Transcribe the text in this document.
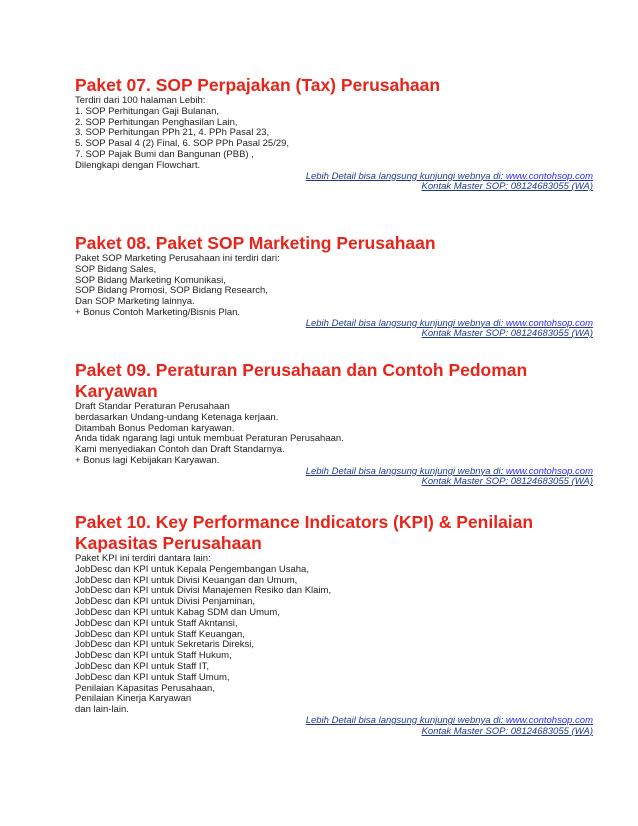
Paket 07. SOP Perpajakan (Tax) Perusahaan
Terdiri dari 100 halaman Lebih:
1. SOP Perhitungan Gaji Bulanan,
2. SOP Perhitungan Penghasilan Lain,
3. SOP Perhitungan PPh 21, 4. PPh Pasal 23,
5. SOP Pasal 4 (2) Final, 6. SOP PPh Pasal 25/29,
7. SOP Pajak Bumi dan Bangunan (PBB) ,
Dilengkapi dengan Flowchart.
Lebih Detail bisa langsung kunjungi webnya di: www.contohsop.com
Kontak Master SOP: 08124683055 (WA)
Paket 08. Paket SOP Marketing Perusahaan
Paket SOP Marketing Perusahaan ini terdiri dari:
SOP Bidang Sales,
SOP Bidang Marketing Komunikasi,
SOP Bidang Promosi, SOP Bidang Research,
Dan SOP Marketing lainnya.
+ Bonus Contoh Marketing/Bisnis Plan.
Lebih Detail bisa langsung kunjungi webnya di: www.contohsop.com
Kontak Master SOP: 08124683055 (WA)
Paket 09. Peraturan Perusahaan dan Contoh Pedoman
Karyawan
Draft Standar Peraturan Perusahaan
berdasarkan Undang-undang Ketenaga kerjaan.
Ditambah Bonus Pedoman karyawan.
Anda tidak ngarang lagi untuk membuat Peraturan Perusahaan.
Kami menyediakan Contoh dan Draft Standarnya.
+ Bonus lagi Kebijakan Karyawan.
Lebih Detail bisa langsung kunjungi webnya di: www.contohsop.com
Kontak Master SOP: 08124683055 (WA)
Paket 10. Key Performance Indicators (KPI) & Penilaian
Kapasitas Perusahaan
Paket KPI ini terdiri dantara lain:
JobDesc dan KPI untuk Kepala Pengembangan Usaha,
JobDesc dan KPI untuk Divisi Keuangan dan Umum,
JobDesc dan KPI untuk Divisi Manajemen Resiko dan Klaim,
JobDesc dan KPI untuk Divisi Penjaminan,
JobDesc dan KPI untuk Kabag SDM dan Umum,
JobDesc dan KPI untuk Staff Akntansi,
JobDesc dan KPI untuk Staff Keuangan,
JobDesc dan KPI untuk Sekretaris Direksi,
JobDesc dan KPI untuk Staff Hukum,
JobDesc dan KPI untuk Staff IT,
JobDesc dan KPI untuk Staff Umum,
Penilaian Kapasitas Perusahaan,
Penilaian Kinerja Karyawan
dan lain-lain.
Lebih Detail bisa langsung kunjungi webnya di: www.contohsop.com
Kontak Master SOP: 08124683055 (WA)
